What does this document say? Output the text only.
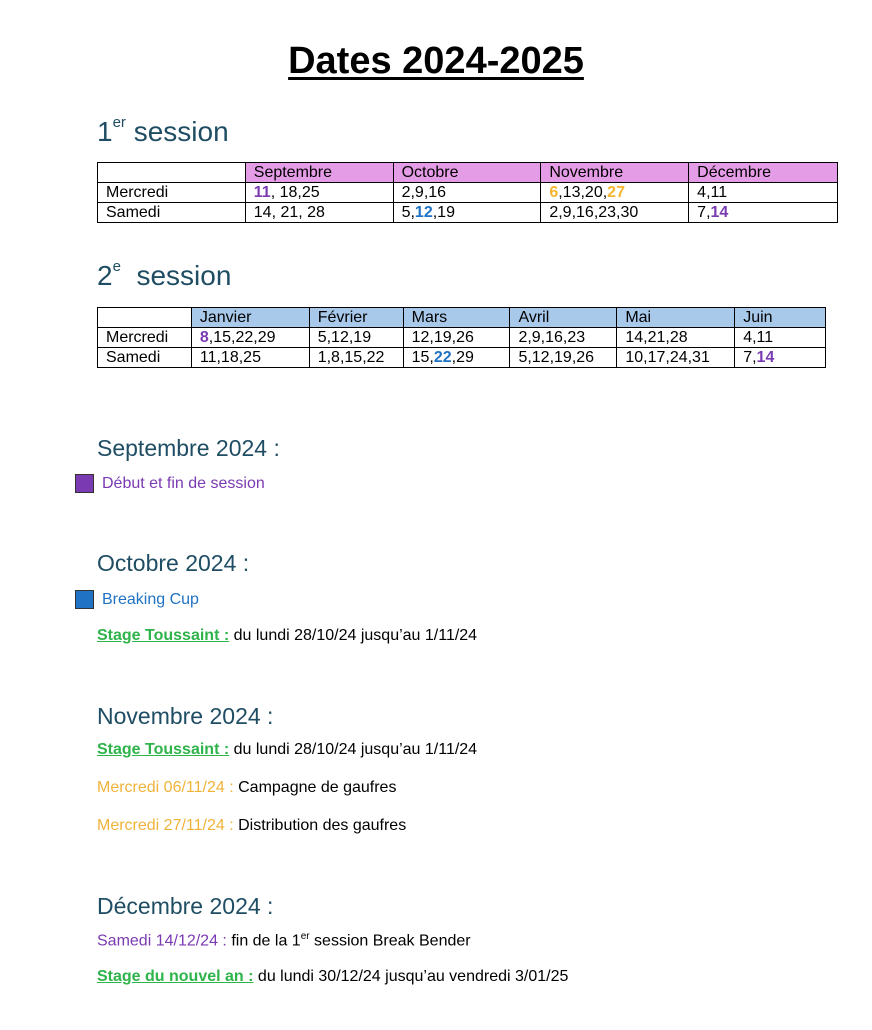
Dates 2024-2025
1er session
	Septembre	Octobre	Novembre	Décembre
Mercredi	11, 18,25	2,9,16	6,13,20,27	4,11
Samedi	14, 21, 28	5,12,19	2,9,16,23,30	7,14
2e  session
	Janvier	Février	Mars	Avril	Mai	Juin
Mercredi	8,15,22,29	5,12,19	12,19,26	2,9,16,23	14,21,28	4,11
Samedi	11,18,25	1,8,15,22	15,22,29	5,12,19,26	10,17,24,31	7,14
Septembre 2024 :
Début et fin de session
Octobre 2024 :
Breaking Cup
Stage Toussaint : du lundi 28/10/24 jusqu’au 1/11/24
Novembre 2024 :
Stage Toussaint : du lundi 28/10/24 jusqu’au 1/11/24
Mercredi 06/11/24 : Campagne de gaufres
Mercredi 27/11/24 : Distribution des gaufres
Décembre 2024 :
Samedi 14/12/24 : fin de la 1er session Break Bender
Stage du nouvel an : du lundi 30/12/24 jusqu’au vendredi 3/01/25
